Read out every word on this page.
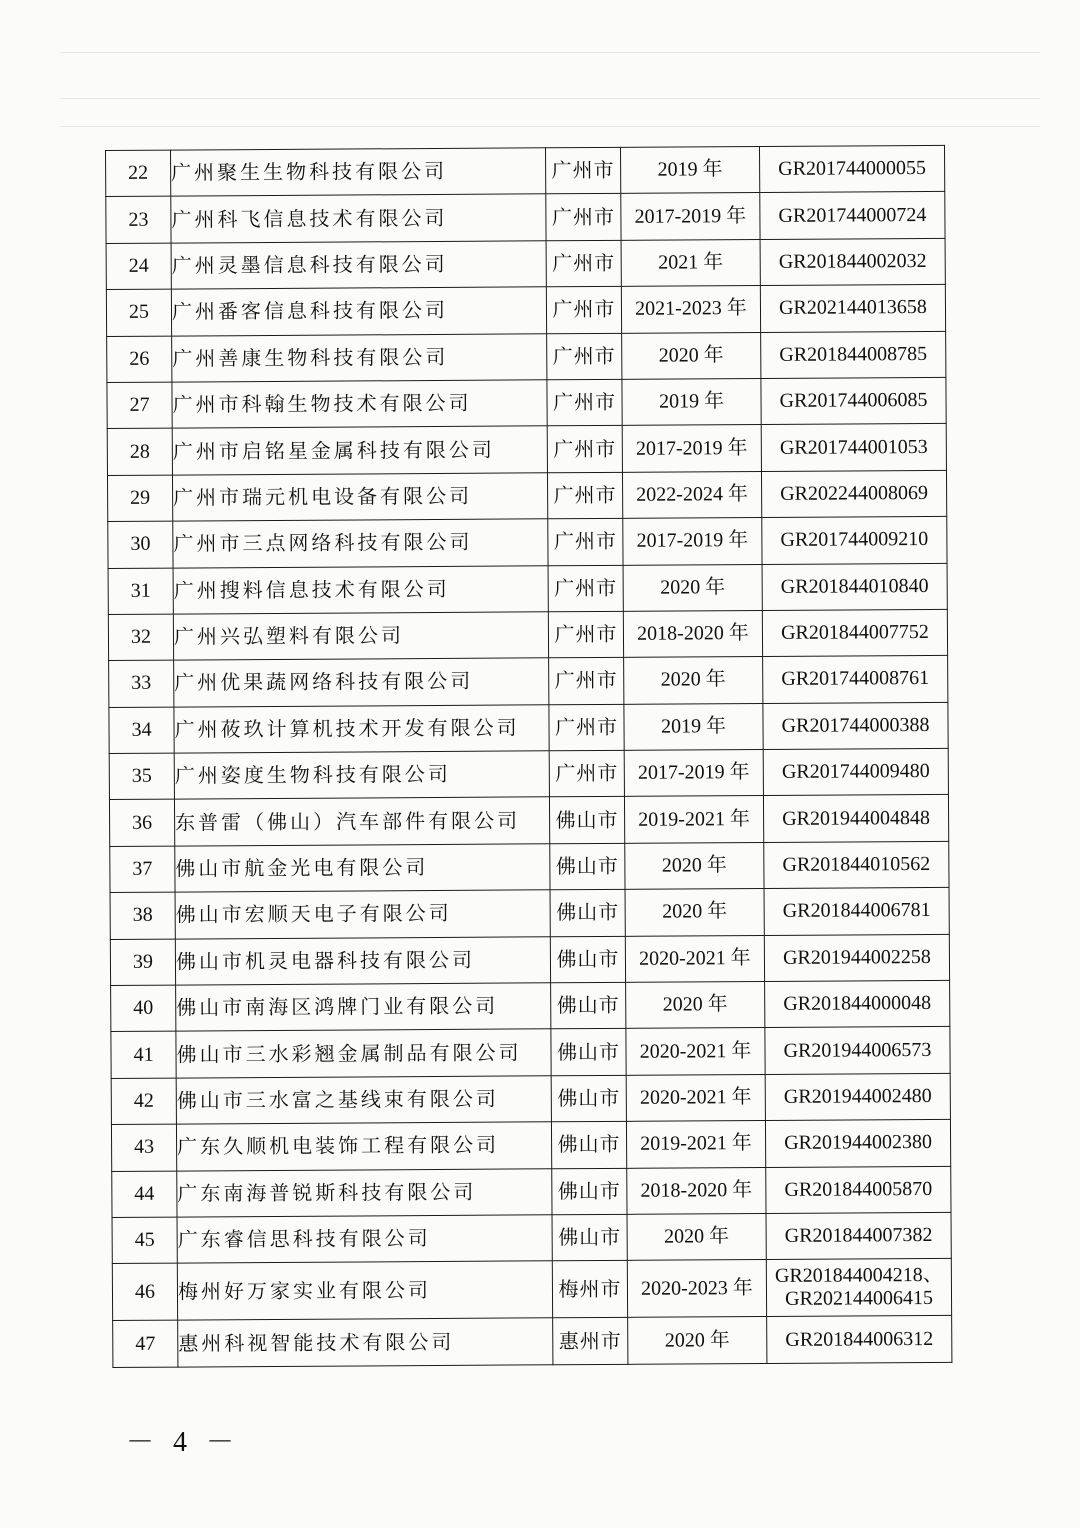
22	广州聚生生物科技有限公司	广州市	2019 年	GR201744000055

23	广州科飞信息技术有限公司	广州市	2017-2019 年	GR201744000724

24	广州灵墨信息科技有限公司	广州市	2021 年	GR201844002032

25	广州番客信息科技有限公司	广州市	2021-2023 年	GR202144013658

26	广州善康生物科技有限公司	广州市	2020 年	GR201844008785

27	广州市科翰生物技术有限公司	广州市	2019 年	GR201744006085

28	广州市启铭星金属科技有限公司	广州市	2017-2019 年	GR201744001053

29	广州市瑞元机电设备有限公司	广州市	2022-2024 年	GR202244008069

30	广州市三点网络科技有限公司	广州市	2017-2019 年	GR201744009210

31	广州搜料信息技术有限公司	广州市	2020 年	GR201844010840

32	广州兴弘塑料有限公司	广州市	2018-2020 年	GR201844007752

33	广州优果蔬网络科技有限公司	广州市	2020 年	GR201744008761

34	广州莜玖计算机技术开发有限公司	广州市	2019 年	GR201744000388

35	广州姿度生物科技有限公司	广州市	2017-2019 年	GR201744009480

36	东普雷（佛山）汽车部件有限公司	佛山市	2019-2021 年	GR201944004848

37	佛山市航金光电有限公司	佛山市	2020 年	GR201844010562

38	佛山市宏顺天电子有限公司	佛山市	2020 年	GR201844006781

39	佛山市机灵电器科技有限公司	佛山市	2020-2021 年	GR201944002258

40	佛山市南海区鸿牌门业有限公司	佛山市	2020 年	GR201844000048

41	佛山市三水彩翘金属制品有限公司	佛山市	2020-2021 年	GR201944006573

42	佛山市三水富之基线束有限公司	佛山市	2020-2021 年	GR201944002480

43	广东久顺机电装饰工程有限公司	佛山市	2019-2021 年	GR201944002380

44	广东南海普锐斯科技有限公司	佛山市	2018-2020 年	GR201844005870

45	广东睿信思科技有限公司	佛山市	2020 年	GR201844007382

46	梅州好万家实业有限公司	梅州市	2020-2023 年	GR201844004218、
GR202144006415

47	惠州科视智能技术有限公司	惠州市	2020 年	GR201844006312
－ 4 －
